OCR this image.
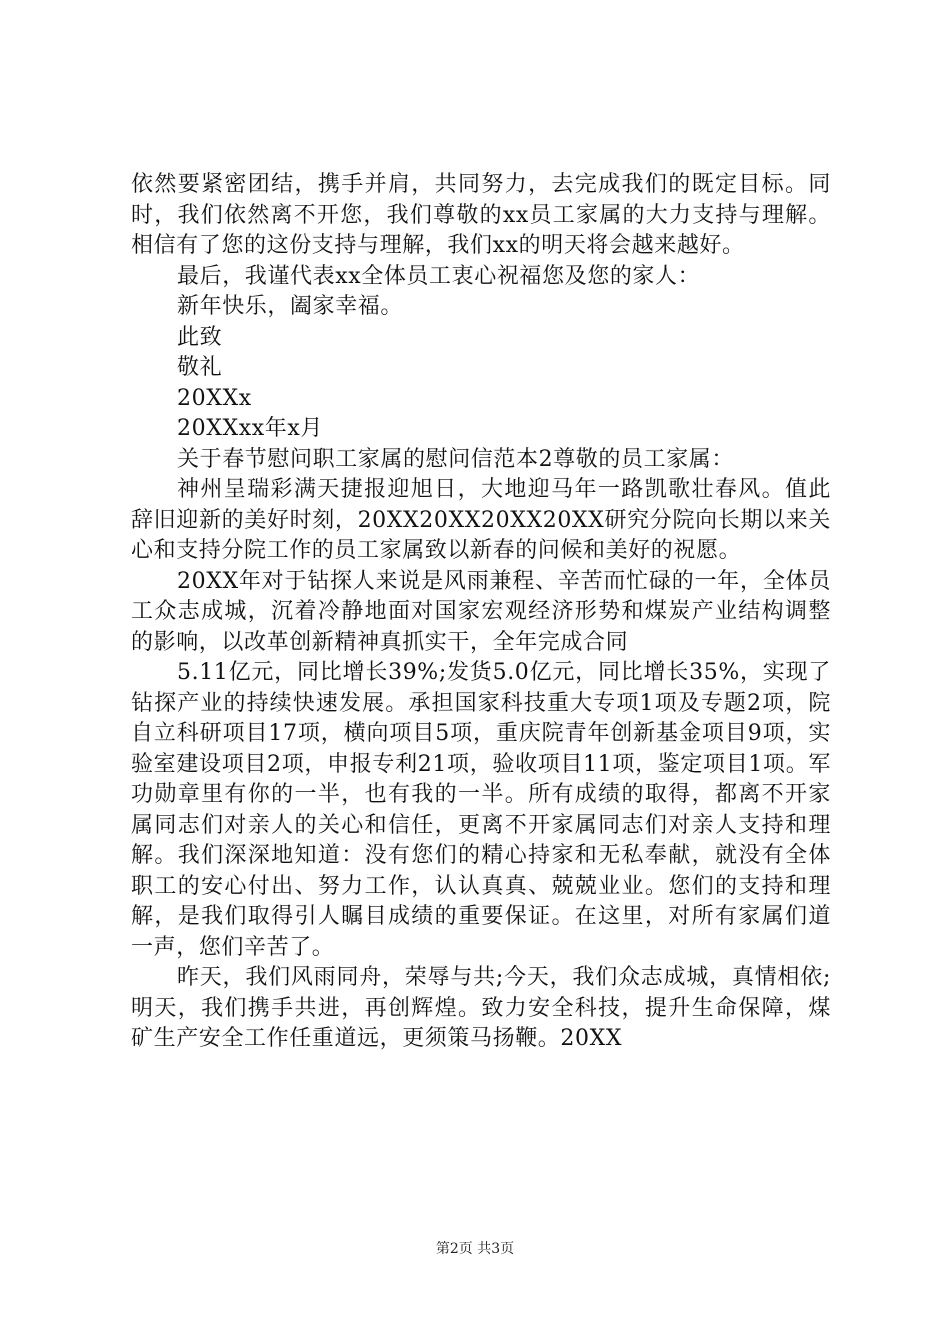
依然要紧密团结，携手并肩，共同努力，去完成我们的既定目标。同时，我们依然离不开您，我们尊敬的xx员工家属的大力支持与理解。相信有了您的这份支持与理解，我们xx的明天将会越来越好。

最后，我谨代表xx全体员工衷心祝福您及您的家人：

新年快乐，阖家幸福。

此致

敬礼

20XXx

20XXxx年x月

关于春节慰问职工家属的慰问信范本2尊敬的员工家属：

神州呈瑞彩满天捷报迎旭日，大地迎马年一路凯歌壮春风。值此辞旧迎新的美好时刻，20XX20XX20XX20XX研究分院向长期以来关心和支持分院工作的员工家属致以新春的问候和美好的祝愿。

20XX年对于钻探人来说是风雨兼程、辛苦而忙碌的一年，全体员工众志成城，沉着冷静地面对国家宏观经济形势和煤炭产业结构调整的影响，以改革创新精神真抓实干，全年完成合同

5.11亿元，同比增长39%;发货5.0亿元，同比增长35%，实现了钻探产业的持续快速发展。承担国家科技重大专项1项及专题2项，院自立科研项目17项，横向项目5项，重庆院青年创新基金项目9项，实验室建设项目2项，申报专利21项，验收项目11项，鉴定项目1项。军功勋章里有你的一半，也有我的一半。所有成绩的取得，都离不开家属同志们对亲人的关心和信任，更离不开家属同志们对亲人支持和理解。我们深深地知道：没有您们的精心持家和无私奉献，就没有全体职工的安心付出、努力工作，认认真真、兢兢业业。您们的支持和理解，是我们取得引人瞩目成绩的重要保证。在这里，对所有家属们道一声，您们辛苦了。

昨天，我们风雨同舟，荣辱与共;今天，我们众志成城，真情相依;明天，我们携手共进，再创辉煌。致力安全科技，提升生命保障，煤矿生产安全工作任重道远，更须策马扬鞭。20XX

第2页 共3页
